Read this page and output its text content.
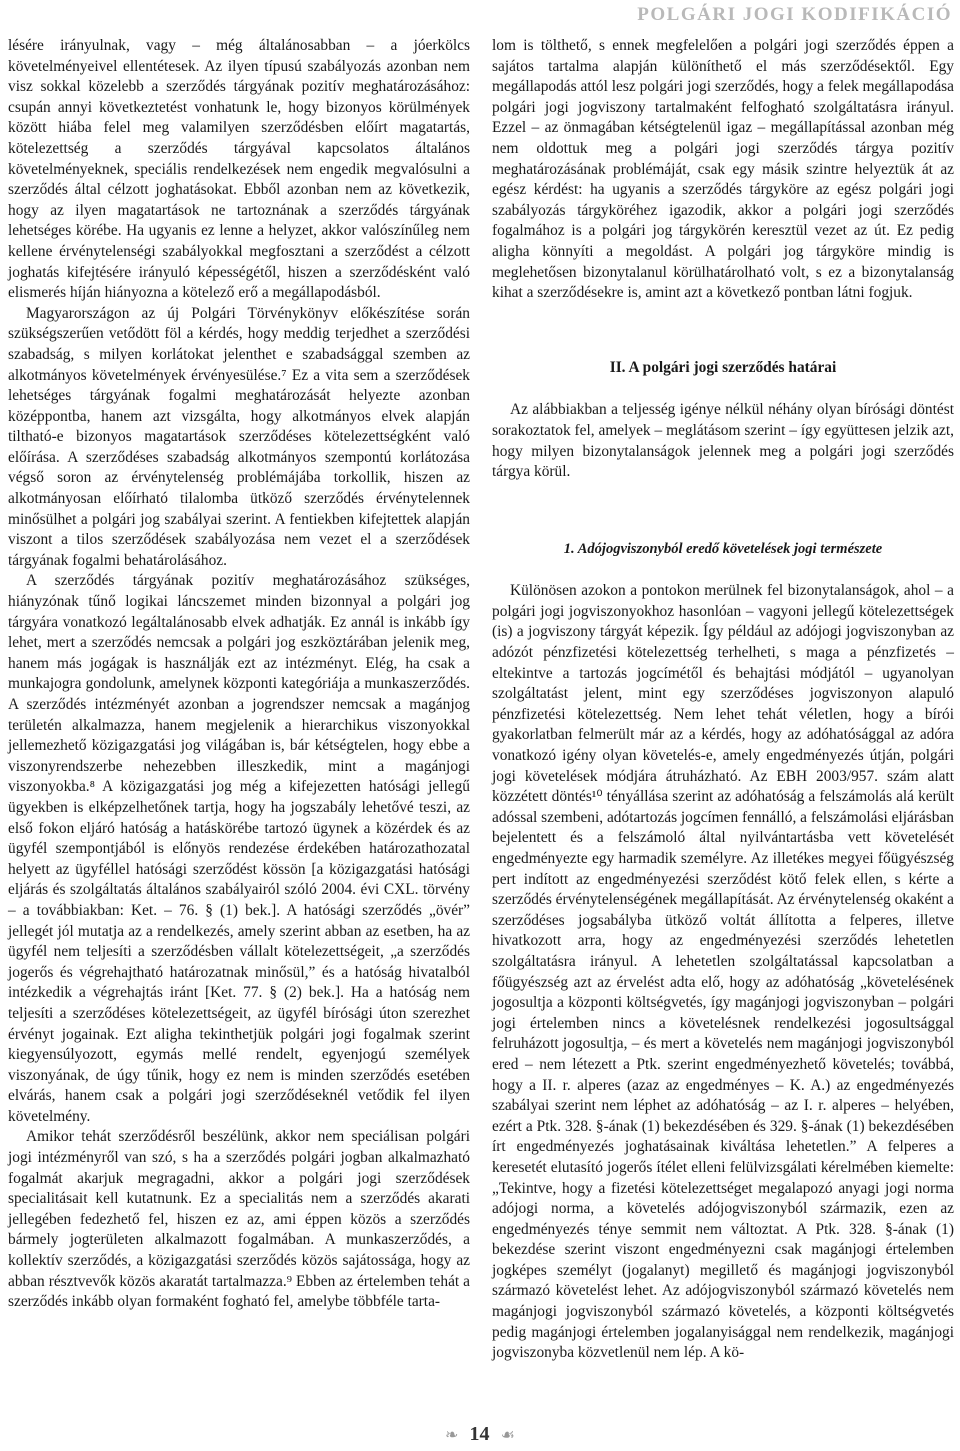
POLGÁRI JOGI KODIFIKÁCIÓ

lésére irányulnak, vagy – még általánosabban – a jóerkölcs követelményeivel ellentétesek. Az ilyen típusú szabályozás azonban nem visz sokkal közelebb a szerződés tárgyának pozitív meghatározásához: csupán annyi következtetést vonhatunk le, hogy bizonyos körülmények között hiába felel meg valamilyen szerződésben előírt magatartás, kötelezettség a szerződés tárgyával kapcsolatos általános követelményeknek, speciális rendelkezések nem engedik megvalósulni a szerződés által célzott joghatásokat. Ebből azonban nem az következik, hogy az ilyen magatartások ne tartoznának a szerződés tárgyának lehetséges körébe. Ha ugyanis ez lenne a helyzet, akkor valószínűleg nem kellene érvénytelenségi szabályokkal megfosztani a szerződést a célzott joghatás kifejtésére irányuló képességétől, hiszen a szerződésként való elismerés híján hiányozna a kötelező erő a megállapodásból.

Magyarországon az új Polgári Törvénykönyv előkészítése során szükségszerűen vetődött föl a kérdés, hogy meddig terjedhet a szerződési szabadság, s milyen korlátokat jelenthet e szabadsággal szemben az alkotmányos követelmények érvényesülése.⁷ Ez a vita sem a szerződések lehetséges tárgyának fogalmi meghatározását helyezte azonban középpontba, hanem azt vizsgálta, hogy alkotmányos elvek alapján tiltható-e bizonyos magatartások szerződéses kötelezettségként való előírása. A szerződéses szabadság alkotmányos szempontú korlátozása végső soron az érvénytelenség problémájába torkollik, hiszen az alkotmányosan előírható tilalomba ütköző szerződés érvénytelennek minősülhet a polgári jog szabályai szerint. A fentiekben kifejtettek alapján viszont a tilos szerződések szabályozása nem vezet el a szerződések tárgyának fogalmi behatárolásához.

A szerződés tárgyának pozitív meghatározásához szükséges, hiányzónak tűnő logikai láncszemet minden bizonnyal a polgári jog tárgyára vonatkozó legáltalánosabb elvek adhatják. Ez annál is inkább így lehet, mert a szerződés nemcsak a polgári jog eszköztárában jelenik meg, hanem más jogágak is használják ezt az intézményt. Elég, ha csak a munkajogra gondolunk, amelynek központi kategóriája a munkaszerződés. A szerződés intézményét azonban a jogrendszer nemcsak a magánjog területén alkalmazza, hanem megjelenik a hierarchikus viszonyokkal jellemezhető közigazgatási jog világában is, bár kétségtelen, hogy ebbe a viszonyrendszerbe nehezebben illeszkedik, mint a magánjogi viszonyokba.⁸ A közigazgatási jog még a kifejezetten hatósági jellegű ügyekben is elképzelhetőnek tartja, hogy ha jogszabály lehetővé teszi, az első fokon eljáró hatóság a hatáskörébe tartozó ügynek a közérdek és az ügyfél szempontjából is előnyös rendezése érdekében határozathozatal helyett az ügyféllel hatósági szerződést kössön [a közigazgatási hatósági eljárás és szolgáltatás általános szabályairól szóló 2004. évi CXL. törvény – a továbbiakban: Ket. – 76. § (1) bek.]. A hatósági szerződés „övér” jellegét jól mutatja az a rendelkezés, amely szerint abban az esetben, ha az ügyfél nem teljesíti a szerződésben vállalt kötelezettségeit, „a szerződés jogerős és végrehajtható határozatnak minősül,” és a hatóság hivatalból intézkedik a végrehajtás iránt [Ket. 77. § (2) bek.]. Ha a hatóság nem teljesíti a szerződéses kötelezettségeit, az ügyfél bírósági úton szerezhet érvényt jogainak. Ezt aligha tekinthetjük polgári jogi fogalmak szerint kiegyensúlyozott, egymás mellé rendelt, egyenjogú személyek viszonyának, de úgy tűnik, hogy ez nem is minden szerződés esetében elvárás, hanem csak a polgári jogi szerződéseknél vetődik fel ilyen követelmény.

Amikor tehát szerződésről beszélünk, akkor nem speciálisan polgári jogi intézményről van szó, s ha a szerződés polgári jogban alkalmazható fogalmát akarjuk megragadni, akkor a polgári jogi szerződések specialitásait kell kutatnunk. Ez a specialitás nem a szerződés akarati jellegében fedezhető fel, hiszen ez az, ami éppen közös a szerződés bármely jogterületen alkalmazott fogalmában. A munkaszerződés, a kollektív szerződés, a közigazgatási szerződés közös sajátossága, hogy az abban résztvevők közös akaratát tartalmazza.⁹ Ebben az értelemben tehát a szerződés inkább olyan formaként fogható fel, amelybe többféle tarta-

lom is tölthető, s ennek megfelelően a polgári jogi szerződés éppen a sajátos tartalma alapján különíthető el más szerződésektől. Egy megállapodás attól lesz polgári jogi szerződés, hogy a felek megállapodása polgári jogi jogviszony tartalmaként felfogható szolgáltatásra irányul. Ezzel – az önmagában kétségtelenül igaz – megállapítással azonban még nem oldottuk meg a polgári jogi szerződés tárgya pozitív meghatározásának problémáját, csak egy másik szintre helyeztük át az egész kérdést: ha ugyanis a szerződés tárgyköre az egész polgári jogi szabályozás tárgyköréhez igazodik, akkor a polgári jogi szerződés fogalmához is a polgári jog tárgykörén keresztül vezet az út. Ez pedig aligha könnyíti a megoldást. A polgári jog tárgyköre mindig is meglehetősen bizonytalanul körülhatárolható volt, s ez a bizonytalanság kihat a szerződésekre is, amint azt a következő pontban látni fogjuk.

II. A polgári jogi szerződés határai

Az alábbiakban a teljesség igénye nélkül néhány olyan bírósági döntést sorakoztatok fel, amelyek – meglátásom szerint – így együttesen jelzik azt, hogy milyen bizonytalanságok jelennek meg a polgári jogi szerződés tárgya körül.

1. Adójogviszonyból eredő követelések jogi természete

Különösen azokon a pontokon merülnek fel bizonytalanságok, ahol – a polgári jogi jogviszonyokhoz hasonlóan – vagyoni jellegű kötelezettségek (is) a jogviszony tárgyát képezik. Így például az adójogi jogviszonyban az adózót pénzfizetési kötelezettség terhelheti, s maga a pénzfizetés – eltekintve a tartozás jogcímétől és behajtási módjától – ugyanolyan szolgáltatást jelent, mint egy szerződéses jogviszonyon alapuló pénzfizetési kötelezettség. Nem lehet tehát véletlen, hogy a bírói gyakorlatban felmerült már az a kérdés, hogy az adóhatósággal az adóra vonatkozó igény olyan követelés-e, amely engedményezés útján, polgári jogi követelések módjára átruházható. Az EBH 2003/957. szám alatt közzétett döntés¹⁰ tényállása szerint az adóhatóság a felszámolás alá került adóssal szembeni, adótartozás jogcímen fennálló, a felszámolási eljárásban bejelentett és a felszámoló által nyilvántartásba vett követelését engedményezte egy harmadik személyre. Az illetékes megyei főügyészség pert indított az engedményezési szerződést kötő felek ellen, s kérte a szerződés érvénytelenségének megállapítását. Az érvénytelenség okaként a szerződéses jogsabályba ütköző voltát állította a felperes, illetve hivatkozott arra, hogy az engedményezési szerződés lehetetlen szolgáltatásra irányul. A lehetetlen szolgáltatással kapcsolatban a főügyészség azt az érvelést adta elő, hogy az adóhatóság „követelésének jogosultja a központi költségvetés, így magánjogi jogviszonyban – polgári jogi értelemben nincs a követelésnek rendelkezési jogosultsággal felruházott jogosultja, – és mert a követelés nem magánjogi jogviszonyból ered – nem létezett a Ptk. szerint engedményezhető követelés; továbbá, hogy a II. r. alperes (azaz az engedményes – K. A.) az engedményezés szabályai szerint nem léphet az adóhatóság – az I. r. alperes – helyében, ezért a Ptk. 328. §-ának (1) bekezdésében és 329. §-ának (1) bekezdésében írt engedményezés joghatásainak kiváltása lehetetlen.” A felperes a keresetét elutasító jogerős ítélet elleni felülvizsgálati kérelmében kiemelte: „Tekintve, hogy a fizetési kötelezettséget megalapozó anyagi jogi norma adójogi norma, a követelés adójogviszonyból származik, ezen az engedményezés ténye semmit nem változtat. A Ptk. 328. §-ának (1) bekezdése szerint viszont engedményezni csak magánjogi értelemben jogképes személyt (jogalanyt) megillető és magánjogi jogviszonyból származó követelést lehet. Az adójogviszonyból származó követelés nem magánjogi jogviszonyból származó követelés, a központi költségvetés pedig magánjogi értelemben jogalanyisággal nem rendelkezik, magánjogi jogviszonyba közvetlenül nem lép. A kö-

❧ 14 ☙
